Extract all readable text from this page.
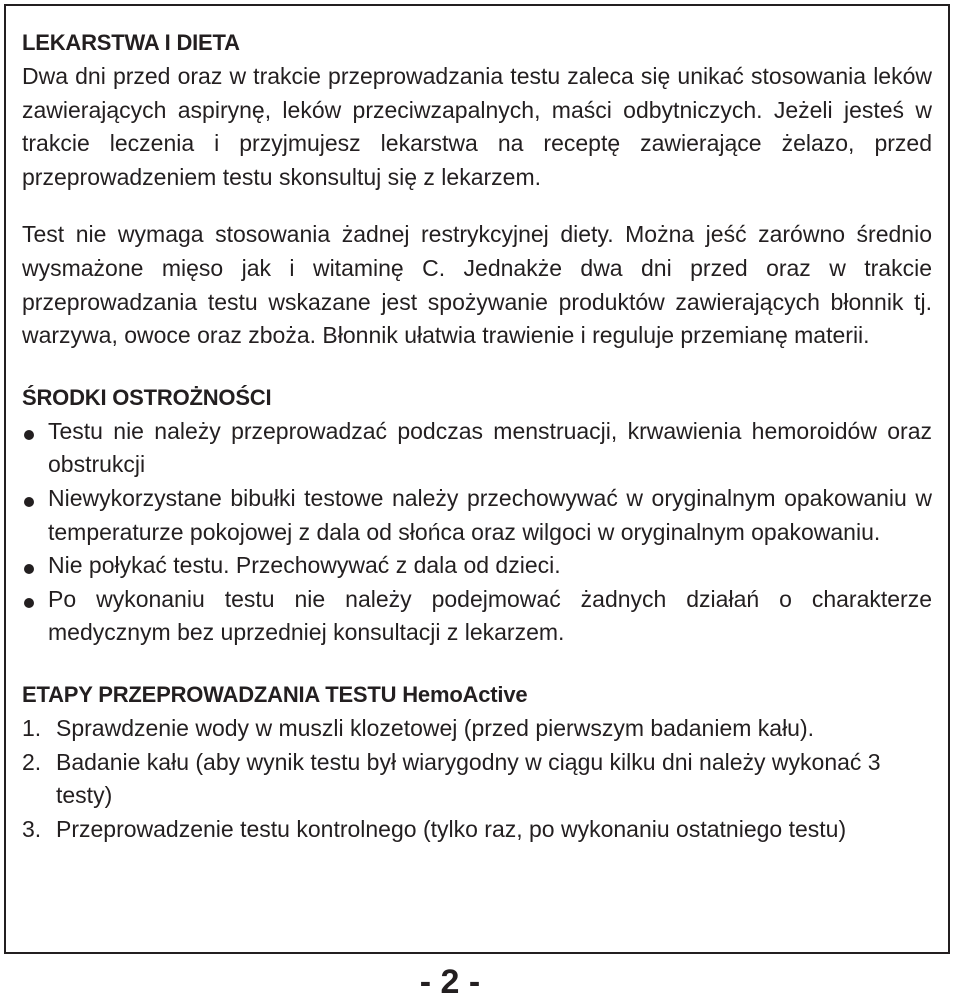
LEKARSTWA I DIETA

Dwa dni przed oraz w trakcie przeprowadzania testu zaleca się unikać stosowania leków zawierających aspirynę, leków przeciwzapalnych, maści odbytniczych. Jeżeli jesteś w trakcie leczenia i przyjmujesz lekarstwa na receptę zawierające żelazo, przed przeprowadzeniem testu skonsultuj się z lekarzem.

Test nie wymaga stosowania żadnej restrykcyjnej diety. Można jeść zarówno średnio wysmażone mięso jak i witaminę C. Jednakże dwa dni przed oraz w trakcie przeprowadzania testu wskazane jest spożywanie produktów zawierających błonnik tj. warzywa, owoce oraz zboża. Błonnik ułatwia trawienie i reguluje przemianę materii.

ŚRODKI OSTROŻNOŚCI
Testu nie należy przeprowadzać podczas menstruacji, krwawienia hemoroidów oraz obstrukcji
Niewykorzystane bibułki testowe należy przechowywać w oryginalnym opakowaniu w temperaturze pokojowej z dala od słońca oraz wilgoci w oryginalnym opakowaniu.
Nie połykać testu. Przechowywać z dala od dzieci.
Po wykonaniu testu nie należy podejmować żadnych działań o charakterze medycznym bez uprzedniej konsultacji z lekarzem.
ETAPY PRZEPROWADZANIA TESTU HemoActive
1. Sprawdzenie wody w muszli klozetowej (przed pierwszym badaniem kału).
2. Badanie kału (aby wynik testu był wiarygodny w ciągu kilku dni należy wykonać 3 testy)
3. Przeprowadzenie testu kontrolnego (tylko raz, po wykonaniu ostatniego testu)
- 2 -
